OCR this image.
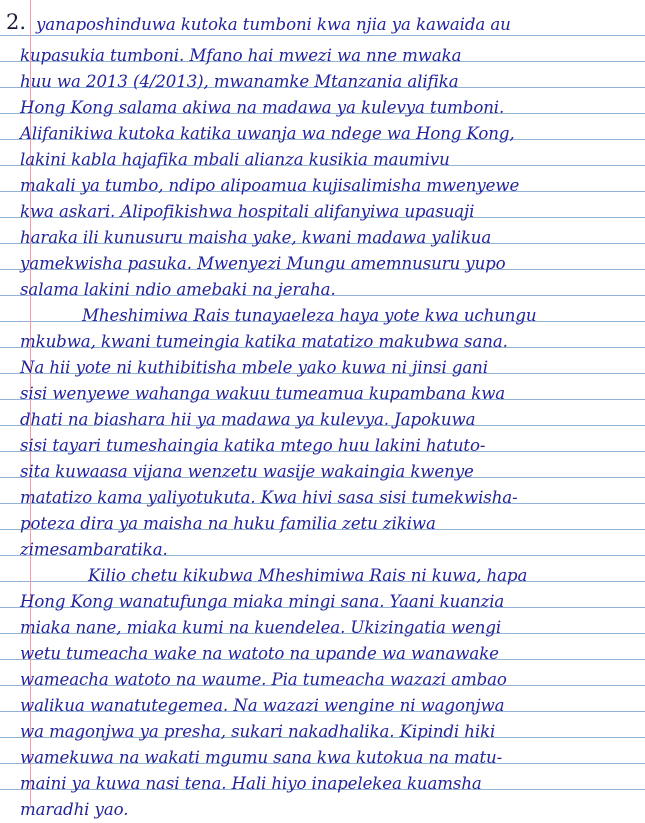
2. yanaposhinduwa kutoka tumboni kwa njia ya kawaida au
kupasukia tumboni. Mfano hai mwezi wa nne mwaka
huu wa 2013 (4/2013), mwanamke Mtanzania alifika
Hong Kong salama akiwa na madawa ya kulevya tumboni.
Alifanikiwa kutoka katika uwanja wa ndege wa Hong Kong,
lakini kabla hajafika mbali alianza kusikia maumivu
makali ya tumbo, ndipo alipoamua kujisalimisha mwenyewe
kwa askari. Alipofikishwa hospitali alifanyiwa upasuaji
haraka ili kunusuru maisha yake, kwani madawa yalikua
yamekwisha pasuka. Mwenyezi Mungu amemnusuru yupo
salama lakini ndio amebaki na jeraha.
Mheshimiwa Rais tunayaeleza haya yote kwa uchungu
mkubwa, kwani tumeingia katika matatizo makubwa sana.
Na hii yote ni kuthibitisha mbele yako kuwa ni jinsi gani
sisi wenyewe wahanga wakuu tumeamua kupambana kwa
dhati na biashara hii ya madawa ya kulevya. Japokuwa
sisi tayari tumeshaingia katika mtego huu lakini hatuto-
sita kuwaasa vijana wenzetu wasije wakaingia kwenye
matatizo kama yaliyotukuta. Kwa hivi sasa sisi tumekwisha-
poteza dira ya maisha na huku familia zetu zikiwa
zimesambaratika.
Kilio chetu kikubwa Mheshimiwa Rais ni kuwa, hapa
Hong Kong wanatufunga miaka mingi sana. Yaani kuanzia
miaka nane, miaka kumi na kuendelea. Ukizingatia wengi
wetu tumeacha wake na watoto na upande wa wanawake
wameacha watoto na waume. Pia tumeacha wazazi ambao
walikua wanatutegemea. Na wazazi wengine ni wagonjwa
wa magonjwa ya presha, sukari nakadhalika. Kipindi hiki
wamekuwa na wakati mgumu sana kwa kutokua na matu-
maini ya kuwa nasi tena. Hali hiyo inapelekea kuamsha
maradhi yao.
